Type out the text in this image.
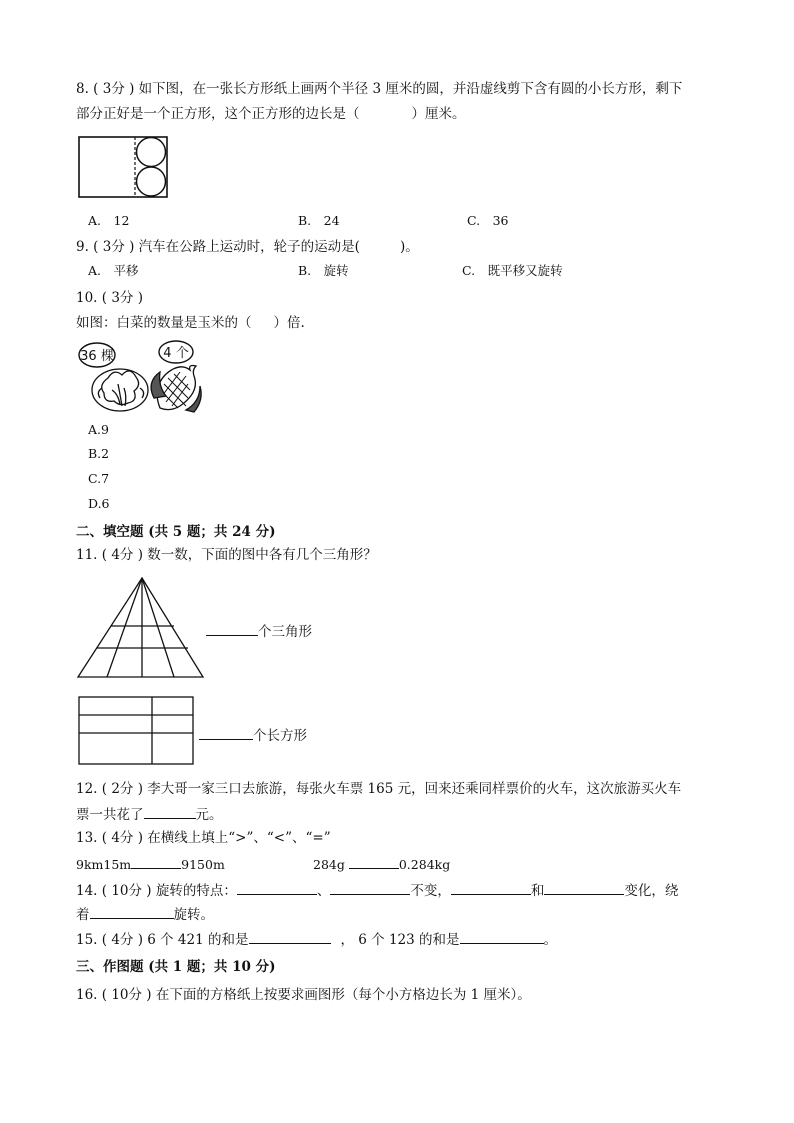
8. ( 3分 ) 如下图，在一张长方形纸上画两个半径 3 厘米的圆，并沿虚线剪下含有圆的小长方形，剩下
部分正好是一个正方形，这个正方形的边长是（	）厘米。
A.　12	B.　24	C.　36
9. ( 3分 ) 汽车在公路上运动时，轮子的运动是(	)。
A.　平移	B.　旋转	C.　既平移又旋转
10. ( 3分 )
如图：白菜的数量是玉米的（ ）倍.
36 棵	4 个
A.9
B.2
C.7
D.6
二、填空题 (共 5 题；共 24 分)
11. ( 4分 ) 数一数，下面的图中各有几个三角形？
个三角形
个长方形
12. ( 2分 ) 李大哥一家三口去旅游，每张火车票 165 元，回来还乘同样票价的火车，这次旅游买火车
票一共花了	元。
13. ( 4分 ) 在横线上填上“>”、“<”、“=”
9km15m	9150m	284g	0.284kg
14. ( 10分 ) 旋转的特点：	、	不变，	和	变化，绕
着	旋转。
15. ( 4分 ) 6 个 421 的和是	， 6 个 123 的和是	。
三、作图题 (共 1 题；共 10 分)
16. ( 10分 ) 在下面的方格纸上按要求画图形（每个小方格边长为 1 厘米）。
